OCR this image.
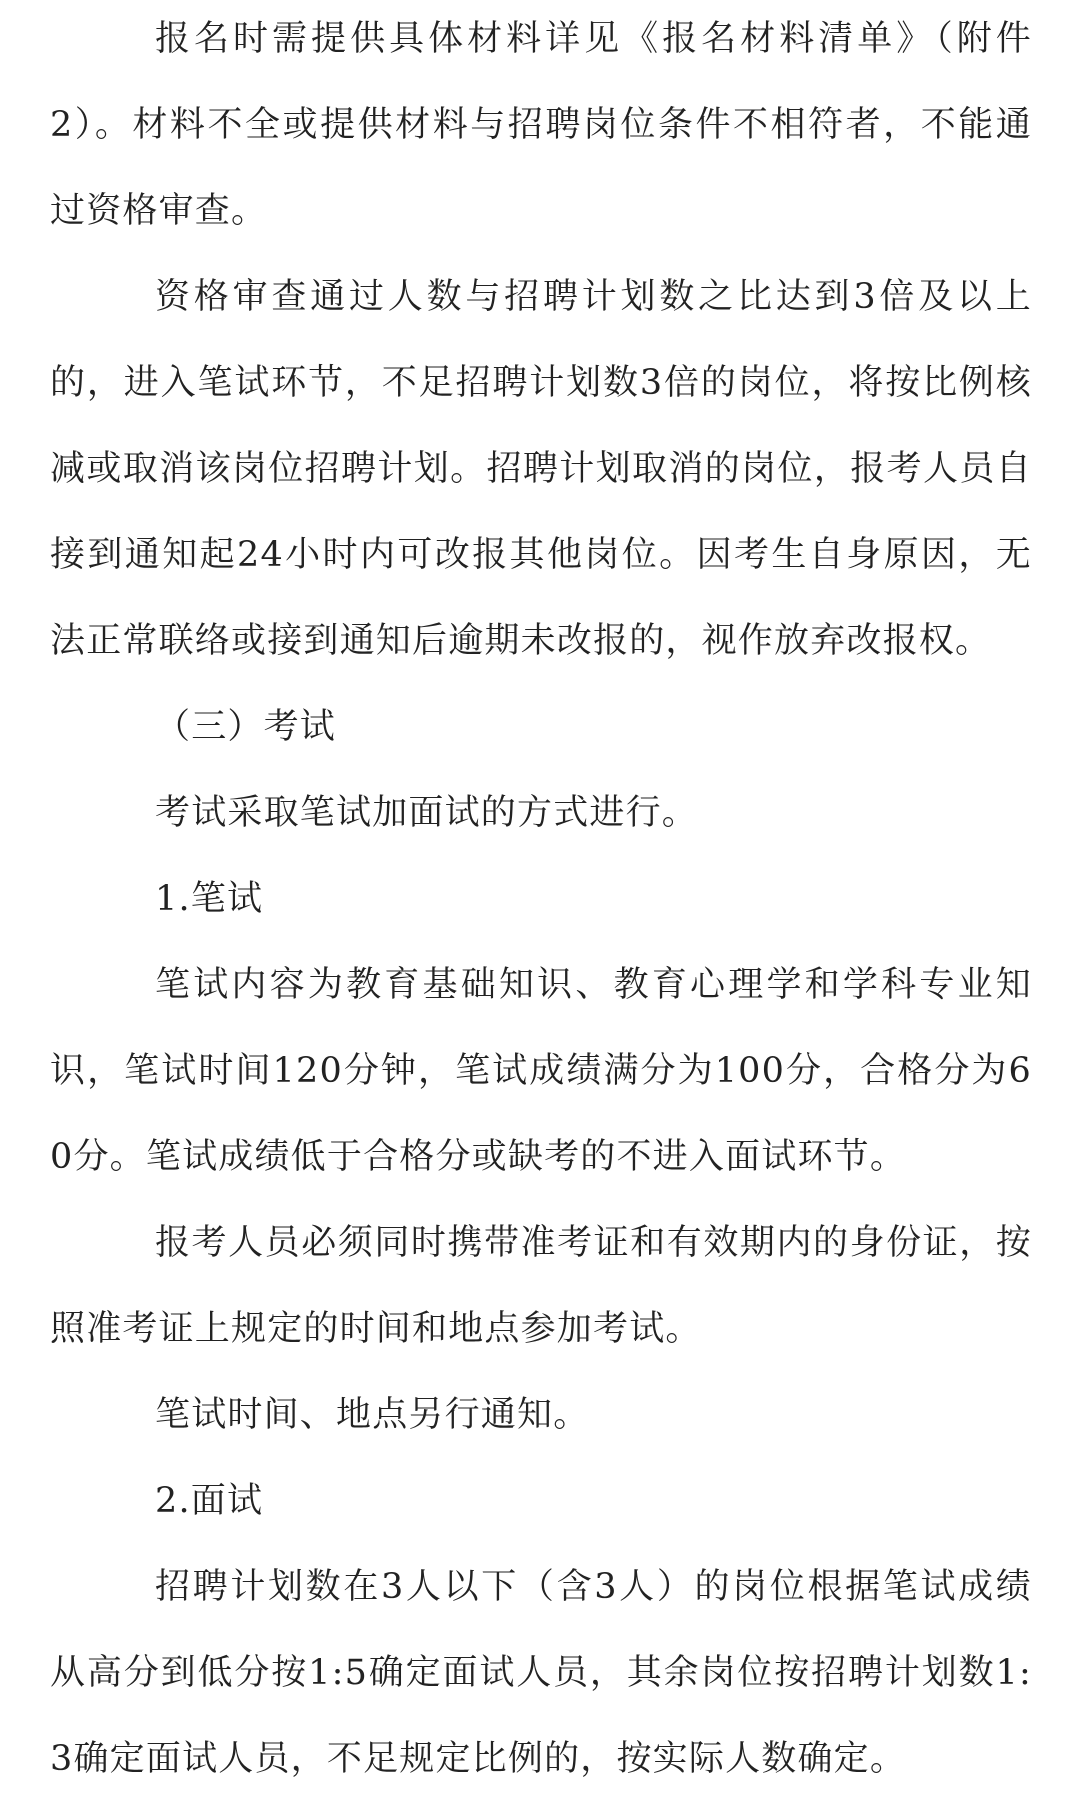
报名时需提供具体材料详见《报名材料清单》（附件2）。材料不全或提供材料与招聘岗位条件不相符者，不能通过资格审查。

资格审查通过人数与招聘计划数之比达到3倍及以上的，进入笔试环节，不足招聘计划数3倍的岗位，将按比例核减或取消该岗位招聘计划。招聘计划取消的岗位，报考人员自接到通知起24小时内可改报其他岗位。因考生自身原因，无法正常联络或接到通知后逾期未改报的，视作放弃改报权。

（三）考试

考试采取笔试加面试的方式进行。

1.笔试

笔试内容为教育基础知识、教育心理学和学科专业知识，笔试时间120分钟，笔试成绩满分为100分，合格分为60分。笔试成绩低于合格分或缺考的不进入面试环节。

报考人员必须同时携带准考证和有效期内的身份证，按照准考证上规定的时间和地点参加考试。

笔试时间、地点另行通知。

2.面试

招聘计划数在3人以下（含3人）的岗位根据笔试成绩从高分到低分按1:5确定面试人员，其余岗位按招聘计划数1:3确定面试人员，不足规定比例的，按实际人数确定。
